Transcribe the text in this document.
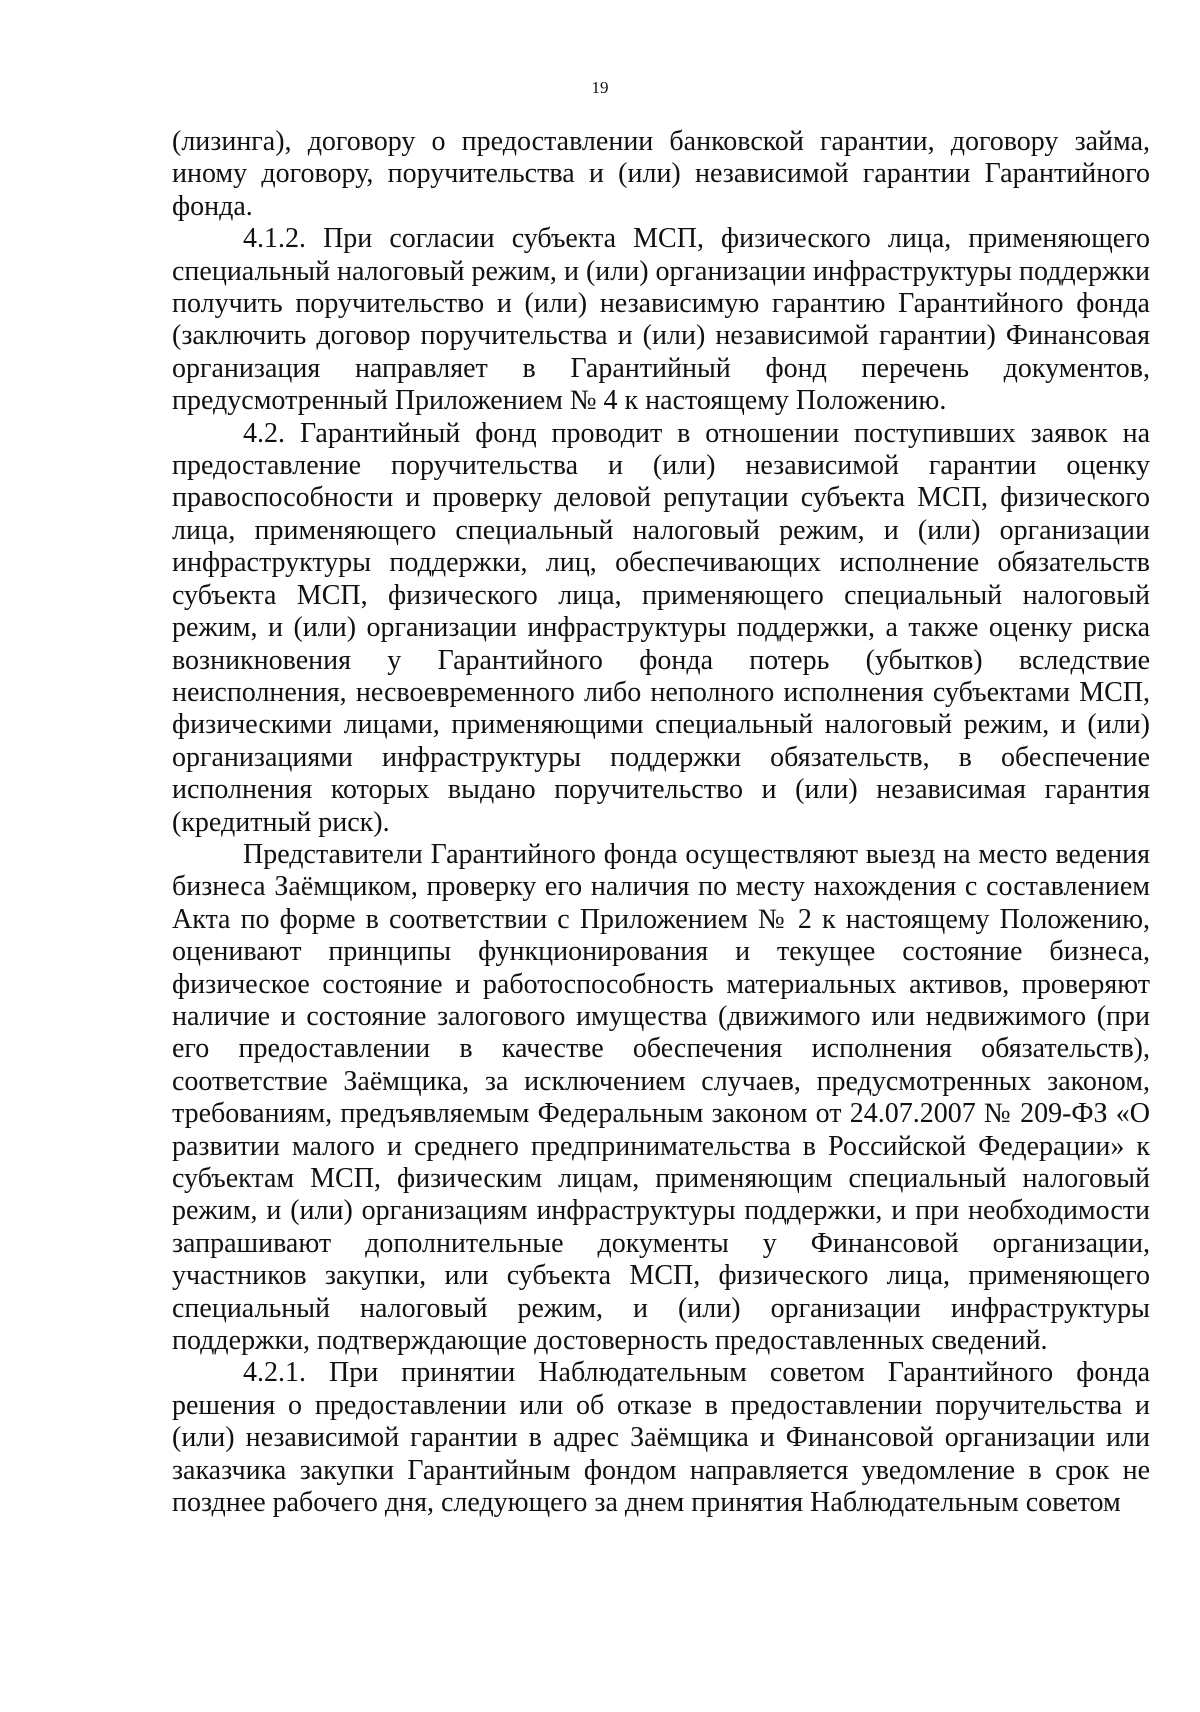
19

(лизинга), договору о предоставлении банковской гарантии, договору займа, иному договору, поручительства и (или) независимой гарантии Гарантийного фонда.

4.1.2. При согласии субъекта МСП, физического лица, применяющего специальный налоговый режим, и (или) организации инфраструктуры поддержки получить поручительство и (или) независимую гарантию Гарантийного фонда (заключить договор поручительства и (или) независимой гарантии) Финансовая организация направляет в Гарантийный фонд перечень документов, предусмотренный Приложением № 4 к настоящему Положению.

4.2. Гарантийный фонд проводит в отношении поступивших заявок на предоставление поручительства и (или) независимой гарантии оценку правоспособности и проверку деловой репутации субъекта МСП, физического лица, применяющего специальный налоговый режим, и (или) организации инфраструктуры поддержки, лиц, обеспечивающих исполнение обязательств субъекта МСП, физического лица, применяющего специальный налоговый режим, и (или) организации инфраструктуры поддержки, а также оценку риска возникновения у Гарантийного фонда потерь (убытков) вследствие неисполнения, несвоевременного либо неполного исполнения субъектами МСП, физическими лицами, применяющими специальный налоговый режим, и (или) организациями инфраструктуры поддержки обязательств, в обеспечение исполнения которых выдано поручительство и (или) независимая гарантия (кредитный риск).

Представители Гарантийного фонда осуществляют выезд на место ведения бизнеса Заёмщиком, проверку его наличия по месту нахождения с составлением Акта по форме в соответствии с Приложением № 2 к настоящему Положению, оценивают принципы функционирования и текущее состояние бизнеса, физическое состояние и работоспособность материальных активов, проверяют наличие и состояние залогового имущества (движимого или недвижимого (при его предоставлении в качестве обеспечения исполнения обязательств), соответствие Заёмщика, за исключением случаев, предусмотренных законом, требованиям, предъявляемым Федеральным законом от 24.07.2007 № 209-ФЗ «О развитии малого и среднего предпринимательства в Российской Федерации» к субъектам МСП, физическим лицам, применяющим специальный налоговый режим, и (или) организациям инфраструктуры поддержки, и при необходимости запрашивают дополнительные документы у Финансовой организации, участников закупки, или субъекта МСП, физического лица, применяющего специальный налоговый режим, и (или) организации инфраструктуры поддержки, подтверждающие достоверность предоставленных сведений.

4.2.1. При принятии Наблюдательным советом Гарантийного фонда решения о предоставлении или об отказе в предоставлении поручительства и (или) независимой гарантии в адрес Заёмщика и Финансовой организации или заказчика закупки Гарантийным фондом направляется уведомление в срок не позднее рабочего дня, следующего за днем принятия Наблюдательным советом
